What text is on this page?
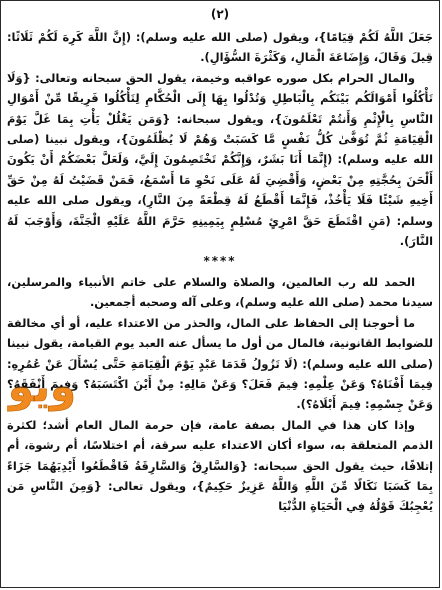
(٢)

جَعَلَ اللَّهُ لَكُمْ قِيَامًا}، ويقول (صلى الله عليه وسلم): (إِنَّ اللَّهَ كَرِهَ لَكُمْ ثَلَاثًا: قِيلَ وَقَالَ، وَإِضَاعَةَ الْمَالِ، وَكَثْرَةَ السُّؤَالِ).

والمال الحرام بكل صوره عواقبه وخيمة، يقول الحق سبحانه وتعالى: {وَلَا تَأْكُلُوا أَمْوَالَكُم بَيْنَكُم بِالْبَاطِلِ وَتُدْلُوا بِهَا إِلَى الْحُكَّامِ لِتَأْكُلُوا فَرِيقًا مِّنْ أَمْوَالِ النَّاسِ بِالْإِثْمِ وَأَنتُمْ تَعْلَمُونَ}، ويقول سبحانه: {وَمَن يَغْلُلْ يَأْتِ بِمَا غَلَّ يَوْمَ الْقِيَامَةِ ثُمَّ تُوَفَّىٰ كُلُّ نَفْسٍ مَّا كَسَبَتْ وَهُمْ لَا يُظْلَمُونَ}، ويقول نبينا (صلى الله عليه وسلم): (إِنَّمَا أَنَا بَشَرٌ، وَإِنَّكُمْ تَخْتَصِمُونَ إِلَيَّ، وَلَعَلَّ بَعْضَكُمْ أَنْ يَكُونَ أَلْحَنَ بِحُجَّتِهِ مِنْ بَعْضٍ، وَأَقْضِيَ لَهُ عَلَى نَحْوِ مَا أَسْمَعُ، فَمَنْ قَضَيْتُ لَهُ مِنْ حَقِّ أَخِيهِ شَيْئًا فَلَا يَأْخُذْ، فَإِنَّمَا أَقْطَعُ لَهُ قِطْعَةً مِنَ النَّارِ)، ويقول صلى الله عليه وسلم: (مَنِ اقْتَطَعَ حَقَّ امْرِئٍ مُسْلِمٍ بِيَمِينِهِ حَرَّمَ اللَّهُ عَلَيْهِ الْجَنَّةَ، وَأَوْجَبَ لَهُ النَّارَ).

****

الحمد لله رب العالمين، والصلاة والسلام على خاتم الأنبياء والمرسلين، سيدنا محمد (صلى الله عليه وسلم)، وعلى آله وصحبه أجمعين.

ما أحوجنا إلى الحفاظ على المال، والحذر من الاعتداء عليه، أو أي مخالفة للضوابط القانونية، فالمال من أول ما يسأل عنه العبد يوم القيامة، يقول نبينا (صلى الله عليه وسلم): (لَا تَزُولُ قَدَمَا عَبْدٍ يَوْمَ الْقِيَامَةِ حَتَّى يُسْأَلَ عَنْ عُمُرِهِ: فِيمَا أَفْنَاهُ؟ وَعَنْ عِلْمِهِ: فِيمَ فَعَلَ؟ وَعَنْ مَالِهِ: مِنْ أَيْنَ اكْتَسَبَهُ؟ وَفِيمَ أَنْفَقَهُ؟ وَعَنْ جِسْمِهِ: فِيمَ أَبْلَاهُ؟).

وإذا كان هذا في المال بصفة عامة، فإن حرمة المال العام أشد؛ لكثرة الذمم المتعلقة به، سواء أكان الاعتداء عليه سرقة، أم اختلاسًا، أم رشوة، أم إتلافًا، حيث يقول الحق سبحانه: {وَالسَّارِقُ وَالسَّارِقَةُ فَاقْطَعُوا أَيْدِيَهُمَا جَزَاءً بِمَا كَسَبَا نَكَالًا مِّنَ اللَّهِ وَاللَّهُ عَزِيزٌ حَكِيمٌ}، ويقول تعالى: {وَمِنَ النَّاسِ مَن يُعْجِبُكَ قَوْلُهُ فِي الْحَيَاةِ الدُّنْيَا

ويو
